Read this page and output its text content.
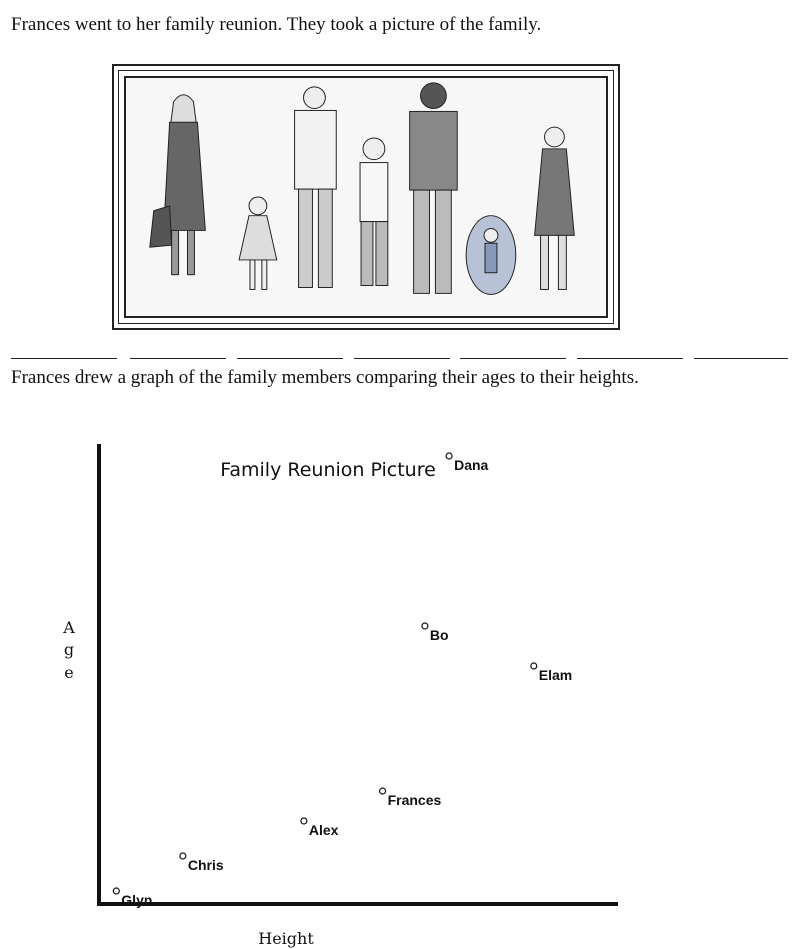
Frances went to her family reunion. They took a picture of the family.
Frances drew a graph of the family members comparing their ages to their heights.
Family Reunion Picture
Height
A
g
e
Dana
Bo
Elam
Frances
Alex
Chris
Glyn
